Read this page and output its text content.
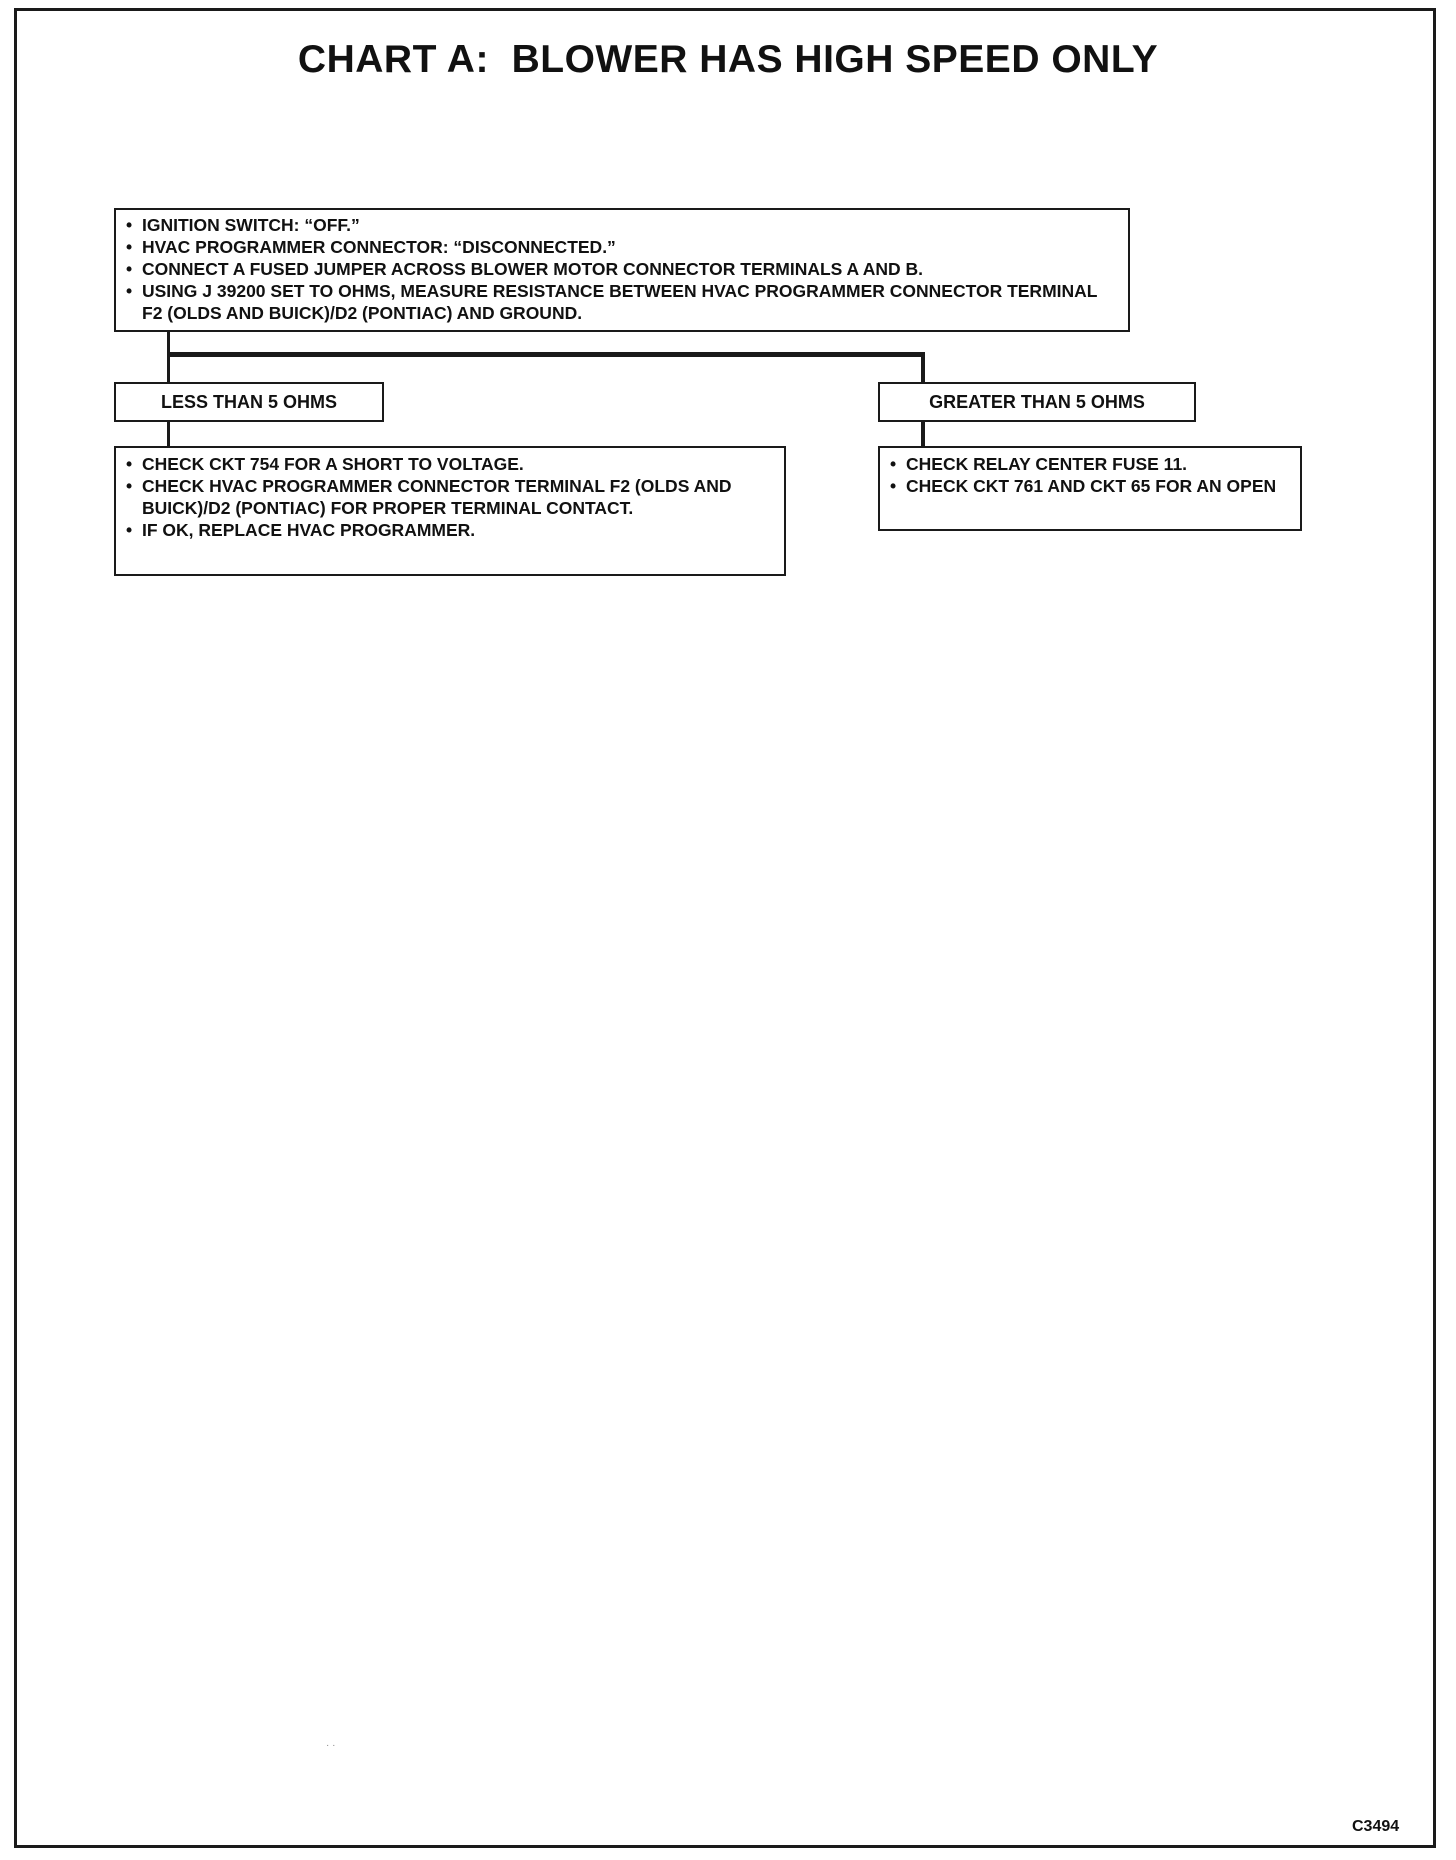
CHART A:  BLOWER HAS HIGH SPEED ONLY
• IGNITION SWITCH: “OFF.”
• HVAC PROGRAMMER CONNECTOR: “DISCONNECTED.”
• CONNECT A FUSED JUMPER ACROSS BLOWER MOTOR CONNECTOR TERMINALS A AND B.
• USING J 39200 SET TO OHMS, MEASURE RESISTANCE BETWEEN HVAC PROGRAMMER CONNECTOR TERMINAL F2 (OLDS AND BUICK)/D2 (PONTIAC) AND GROUND.
LESS THAN 5 OHMS	GREATER THAN 5 OHMS
• CHECK CKT 754 FOR A SHORT TO VOLTAGE.
• CHECK HVAC PROGRAMMER CONNECTOR TERMINAL F2 (OLDS AND BUICK)/D2 (PONTIAC) FOR PROPER TERMINAL CONTACT.
• IF OK, REPLACE HVAC PROGRAMMER.
• CHECK RELAY CENTER FUSE 11.
• CHECK CKT 761 AND CKT 65 FOR AN OPEN
· ·
C3494
